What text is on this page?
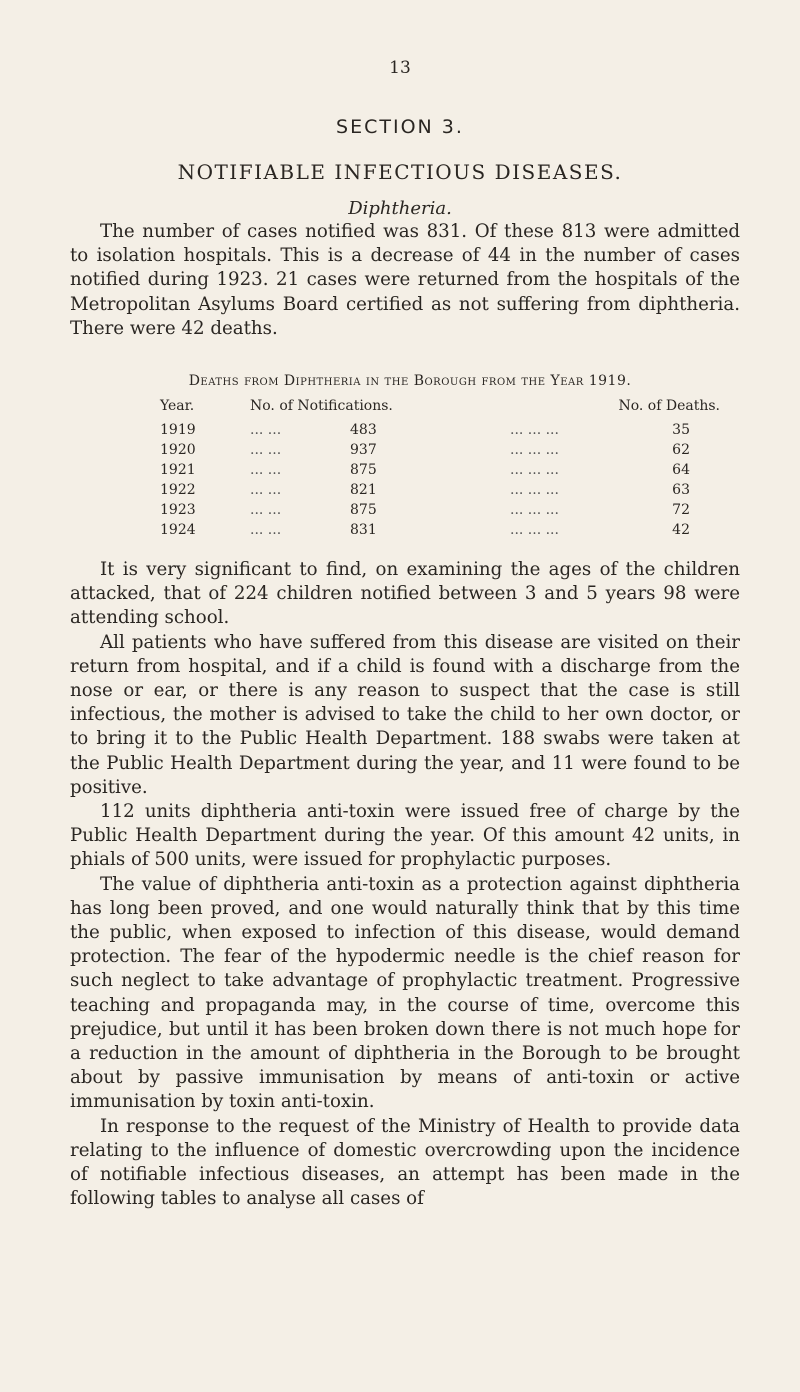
13
SECTION 3.
NOTIFIABLE INFECTIOUS DISEASES.
Diphtheria.

The number of cases notified was 831. Of these 813 were admitted to isolation hospitals. This is a decrease of 44 in the number of cases notified during 1923. 21 cases were returned from the hospitals of the Metropolitan Asylums Board certified as not suffering from diphtheria. There were 42 deaths.

Deaths from Diphtheria in the Borough from the Year 1919.
Year.	No. of Notifications.		No. of Deaths.	
1919	... ...	483	... ... ...	35
1920	... ...	937	... ... ...	62
1921	... ...	875	... ... ...	64
1922	... ...	821	... ... ...	63
1923	... ...	875	... ... ...	72
1924	... ...	831	... ... ...	42

It is very significant to find, on examining the ages of the children attacked, that of 224 children notified between 3 and 5 years 98 were attending school.

All patients who have suffered from this disease are visited on their return from hospital, and if a child is found with a discharge from the nose or ear, or there is any reason to suspect that the case is still infectious, the mother is advised to take the child to her own doctor, or to bring it to the Public Health Department. 188 swabs were taken at the Public Health Department during the year, and 11 were found to be positive.

112 units diphtheria anti-toxin were issued free of charge by the Public Health Department during the year. Of this amount 42 units, in phials of 500 units, were issued for prophylactic purposes.

The value of diphtheria anti-toxin as a protection against diphtheria has long been proved, and one would naturally think that by this time the public, when exposed to infection of this disease, would demand protection. The fear of the hypodermic needle is the chief reason for such neglect to take advantage of prophylactic treatment. Progressive teaching and propaganda may, in the course of time, overcome this prejudice, but until it has been broken down there is not much hope for a reduction in the amount of diphtheria in the Borough to be brought about by passive immunisation by means of anti-toxin or active immunisation by toxin anti-toxin.

In response to the request of the Ministry of Health to provide data relating to the influence of domestic overcrowding upon the incidence of notifiable infectious diseases, an attempt has been made in the following tables to analyse all cases of
